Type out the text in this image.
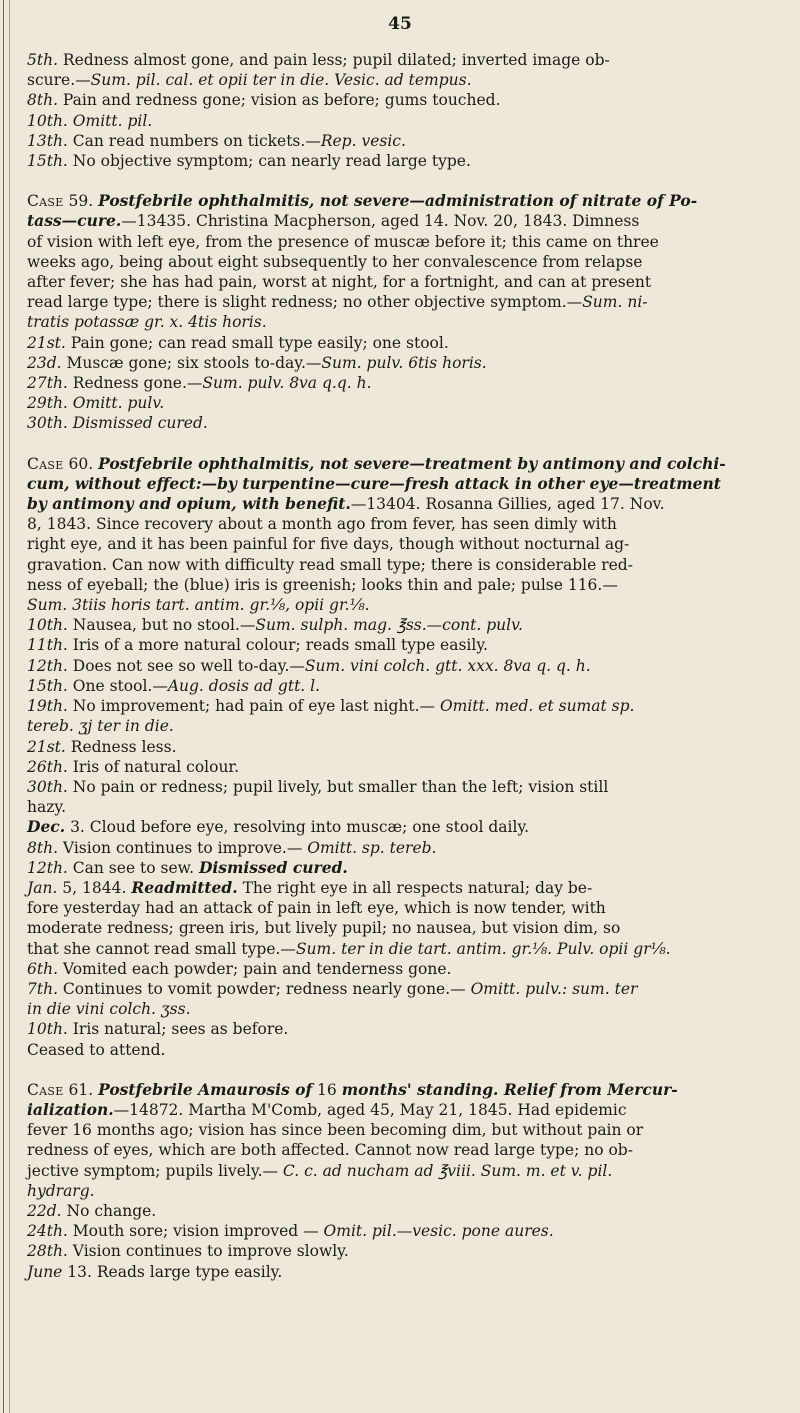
45

5th. Redness almost gone, and pain less; pupil dilated; inverted image ob-
scure.—Sum. pil. cal. et opii ter in die. Vesic. ad tempus.

8th. Pain and redness gone; vision as before; gums touched.

10th. Omitt. pil.

13th. Can read numbers on tickets.—Rep. vesic.

15th. No objective symptom; can nearly read large type.

Case 59. Postfebrile ophthalmitis, not severe—administration of nitrate of Po-
tass—cure.—13435. Christina Macpherson, aged 14. Nov. 20, 1843. Dimness
of vision with left eye, from the presence of muscæ before it; this came on three
weeks ago, being about eight subsequently to her convalescence from relapse
after fever; she has had pain, worst at night, for a fortnight, and can at present
read large type; there is slight redness; no other objective symptom.—Sum. ni-
tratis potassæ gr. x. 4tis horis.

21st. Pain gone; can read small type easily; one stool.

23d. Muscæ gone; six stools to-day.—Sum. pulv. 6tis horis.

27th. Redness gone.—Sum. pulv. 8va q.q. h.

29th. Omitt. pulv.

30th. Dismissed cured.

Case 60. Postfebrile ophthalmitis, not severe—treatment by antimony and colchi-
cum, without effect:—by turpentine—cure—fresh attack in other eye—treatment
by antimony and opium, with benefit.—13404. Rosanna Gillies, aged 17. Nov.
8, 1843. Since recovery about a month ago from fever, has seen dimly with
right eye, and it has been painful for five days, though without nocturnal ag-
gravation. Can now with difficulty read small type; there is considerable red-
ness of eyeball; the (blue) iris is greenish; looks thin and pale; pulse 116.—
Sum. 3tiis horis tart. antim. gr.⅛, opii gr.⅛.

10th. Nausea, but no stool.—Sum. sulph. mag. ℥ss.—cont. pulv.

11th. Iris of a more natural colour; reads small type easily.

12th. Does not see so well to-day.—Sum. vini colch. gtt. xxx. 8va q. q. h.

15th. One stool.—Aug. dosis ad gtt. l.

19th. No improvement; had pain of eye last night.— Omitt. med. et sumat sp.
tereb. ʒj ter in die.

21st. Redness less.

26th. Iris of natural colour.

30th. No pain or redness; pupil lively, but smaller than the left; vision still
hazy.

Dec. 3. Cloud before eye, resolving into muscæ; one stool daily.

8th. Vision continues to improve.— Omitt. sp. tereb.

12th. Can see to sew. Dismissed cured.

Jan. 5, 1844. Readmitted. The right eye in all respects natural; day be-
fore yesterday had an attack of pain in left eye, which is now tender, with
moderate redness; green iris, but lively pupil; no nausea, but vision dim, so
that she cannot read small type.—Sum. ter in die tart. antim. gr.⅛. Pulv. opii gr⅛.

6th. Vomited each powder; pain and tenderness gone.

7th. Continues to vomit powder; redness nearly gone.— Omitt. pulv.: sum. ter
in die vini colch. ʒss.

10th. Iris natural; sees as before.

Ceased to attend.

Case 61. Postfebrile Amaurosis of 16 months' standing. Relief from Mercur-
ialization.—14872. Martha M'Comb, aged 45, May 21, 1845. Had epidemic
fever 16 months ago; vision has since been becoming dim, but without pain or
redness of eyes, which are both affected. Cannot now read large type; no ob-
jective symptom; pupils lively.— C. c. ad nucham ad ℥viii. Sum. m. et v. pil.
hydrarg.

22d. No change.

24th. Mouth sore; vision improved — Omit. pil.—vesic. pone aures.

28th. Vision continues to improve slowly.

June 13. Reads large type easily.
